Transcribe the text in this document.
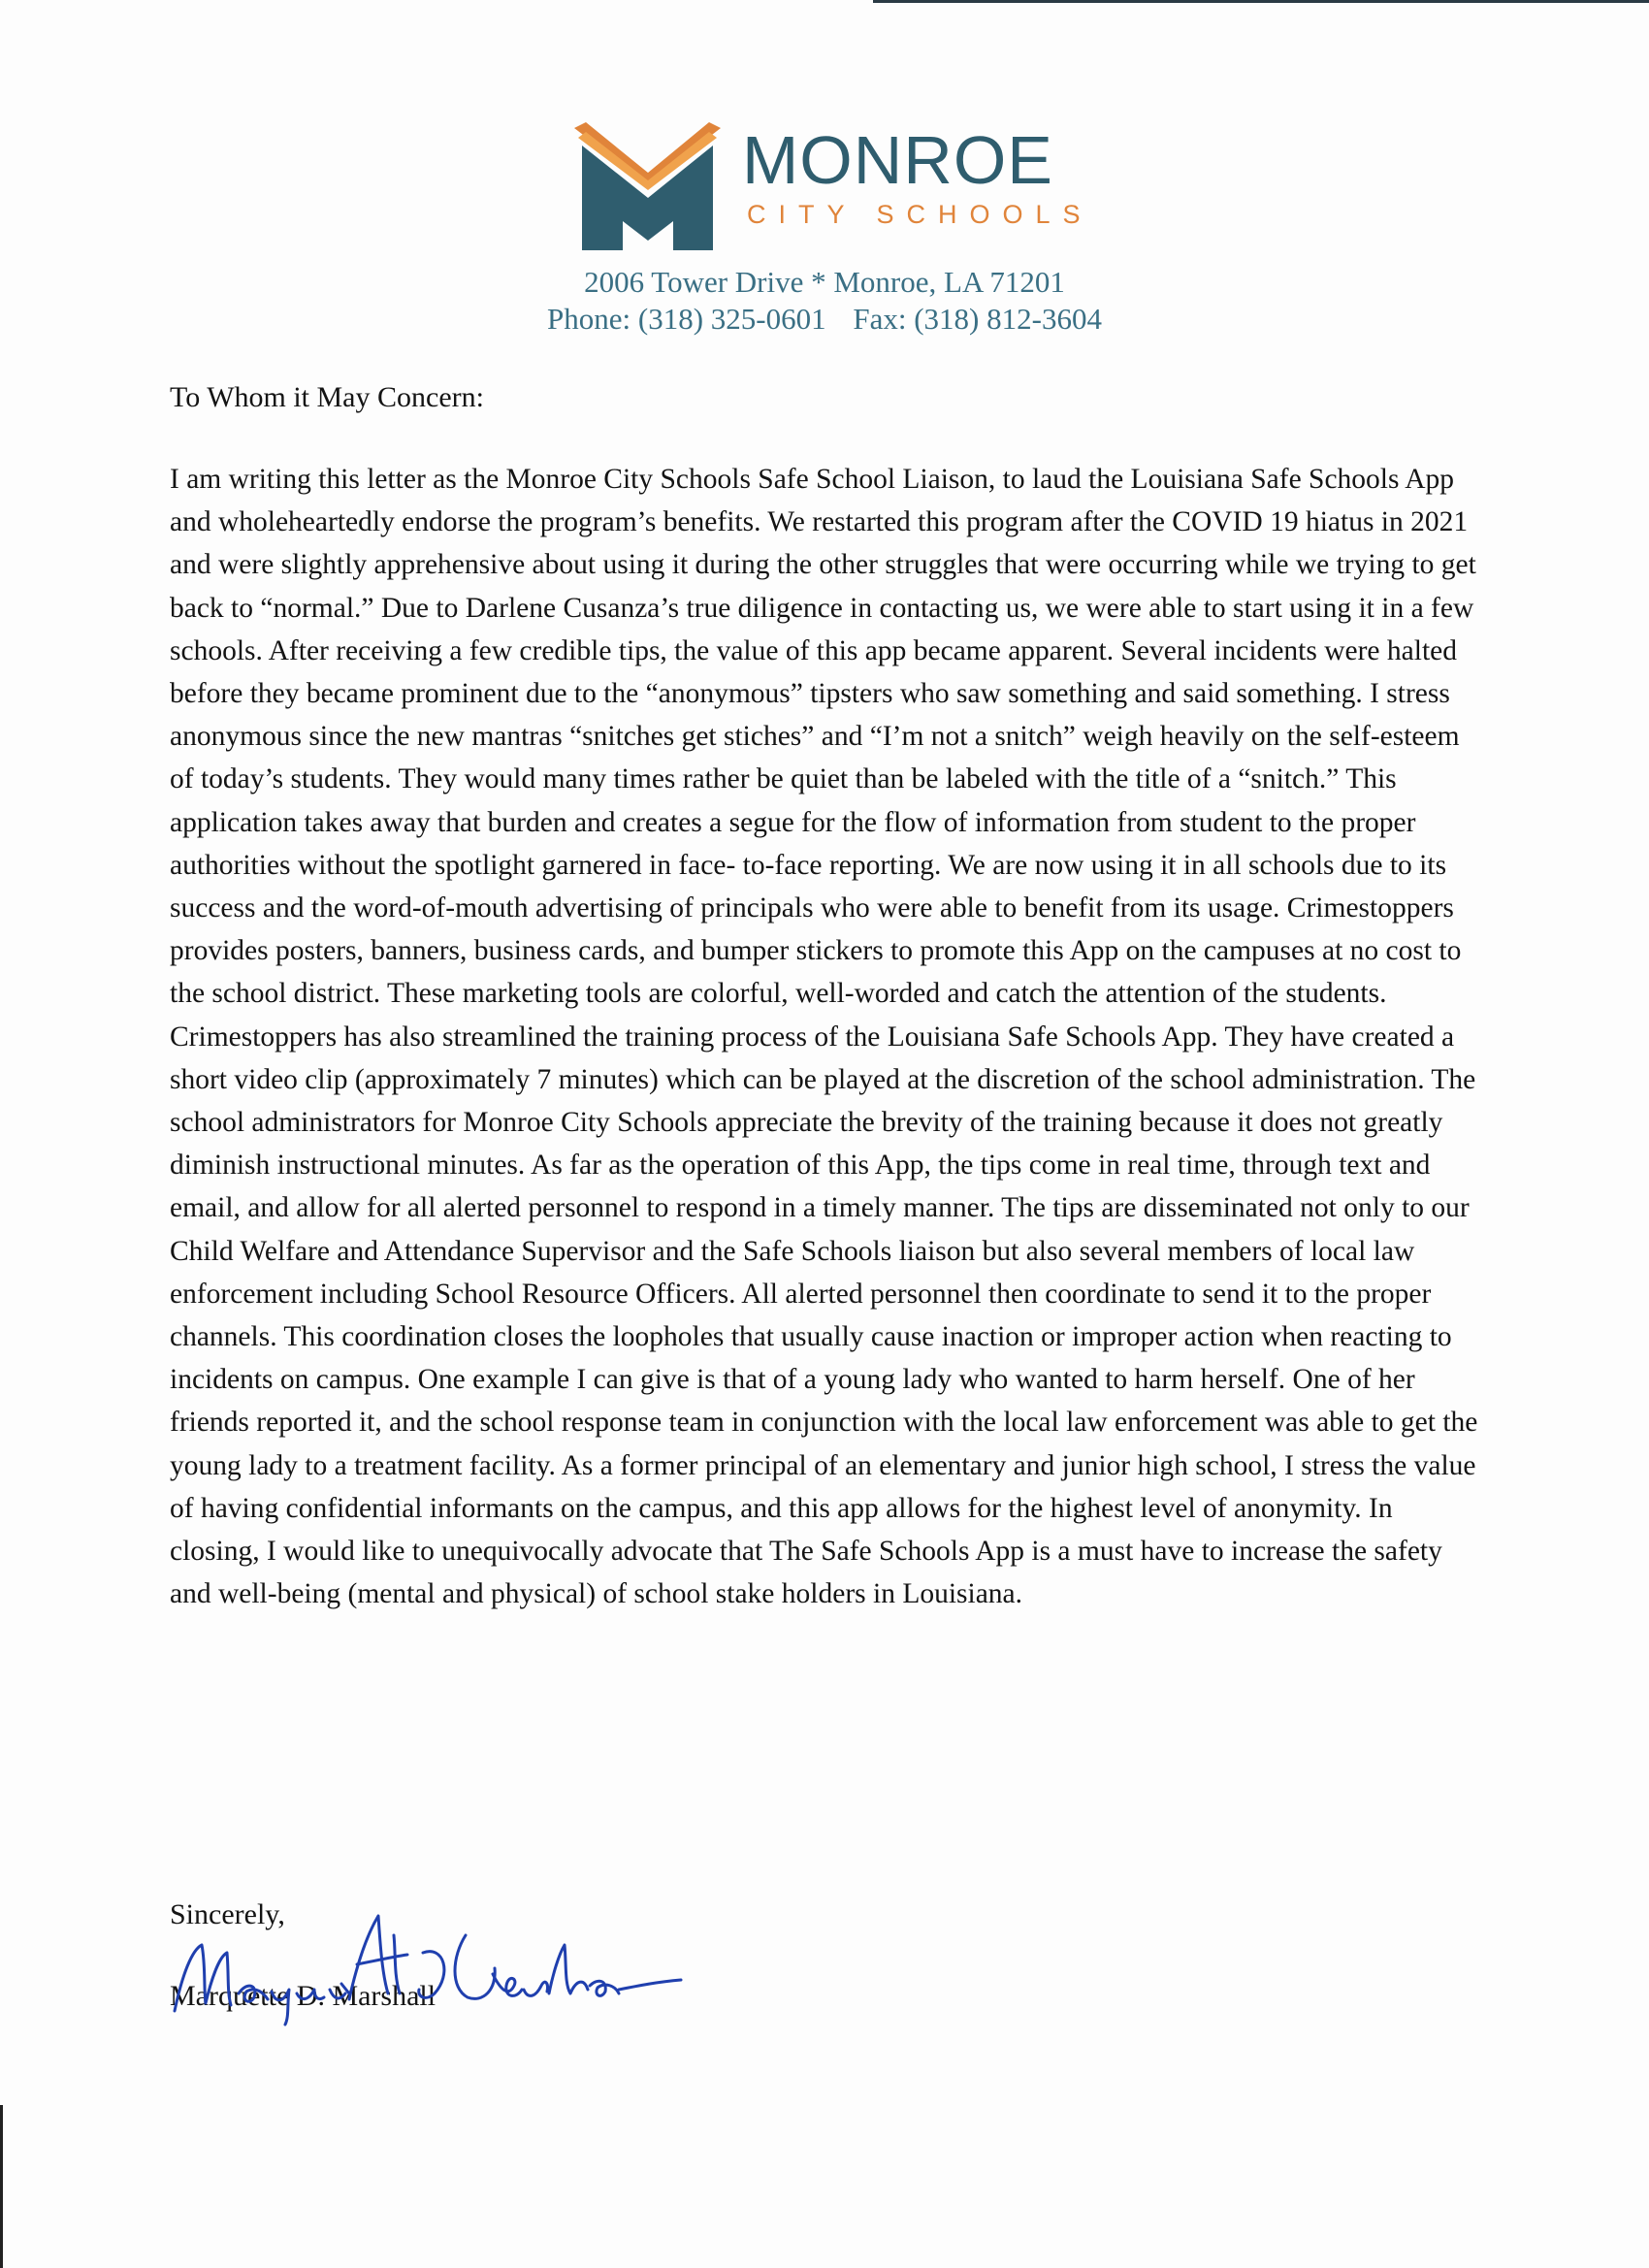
MONROE
CITY SCHOOLS
2006 Tower Drive * Monroe, LA 71201
Phone: (318) 325-0601 Fax: (318) 812-3604
To Whom it May Concern:

I am writing this letter as the Monroe City Schools Safe School Liaison, to laud the Louisiana Safe Schools App and wholeheartedly endorse the program’s benefits. We restarted this program after the COVID 19 hiatus in 2021 and were slightly apprehensive about using it during the other struggles that were occurring while we trying to get back to “normal.” Due to Darlene Cusanza’s true diligence in contacting us, we were able to start using it in a few schools. After receiving a few credible tips, the value of this app became apparent. Several incidents were halted before they became prominent due to the “anonymous” tipsters who saw something and said something. I stress anonymous since the new mantras “snitches get stiches” and “I’m not a snitch” weigh heavily on the self-esteem of today’s students. They would many times rather be quiet than be labeled with the title of a “snitch.” This application takes away that burden and creates a segue for the flow of information from student to the proper authorities without the spotlight garnered in face- to-face reporting. We are now using it in all schools due to its success and the word-of-mouth advertising of principals who were able to benefit from its usage. Crimestoppers provides posters, banners, business cards, and bumper stickers to promote this App on the campuses at no cost to the school district. These marketing tools are colorful, well-worded and catch the attention of the students. Crimestoppers has also streamlined the training process of the Louisiana Safe Schools App. They have created a short video clip (approximately 7 minutes) which can be played at the discretion of the school administration. The school administrators for Monroe City Schools appreciate the brevity of the training because it does not greatly diminish instructional minutes. As far as the operation of this App, the tips come in real time, through text and email, and allow for all alerted personnel to respond in a timely manner. The tips are disseminated not only to our Child Welfare and Attendance Supervisor and the Safe Schools liaison but also several members of local law enforcement including School Resource Officers. All alerted personnel then coordinate to send it to the proper channels. This coordination closes the loopholes that usually cause inaction or improper action when reacting to incidents on campus. One example I can give is that of a young lady who wanted to harm herself. One of her friends reported it, and the school response team in conjunction with the local law enforcement was able to get the young lady to a treatment facility. As a former principal of an elementary and junior high school, I stress the value of having confidential informants on the campus, and this app allows for the highest level of anonymity. In closing, I would like to unequivocally advocate that The Safe Schools App is a must have to increase the safety and well-being (mental and physical) of school stake holders in Louisiana.

Sincerely,
Marquette D. Marshall
